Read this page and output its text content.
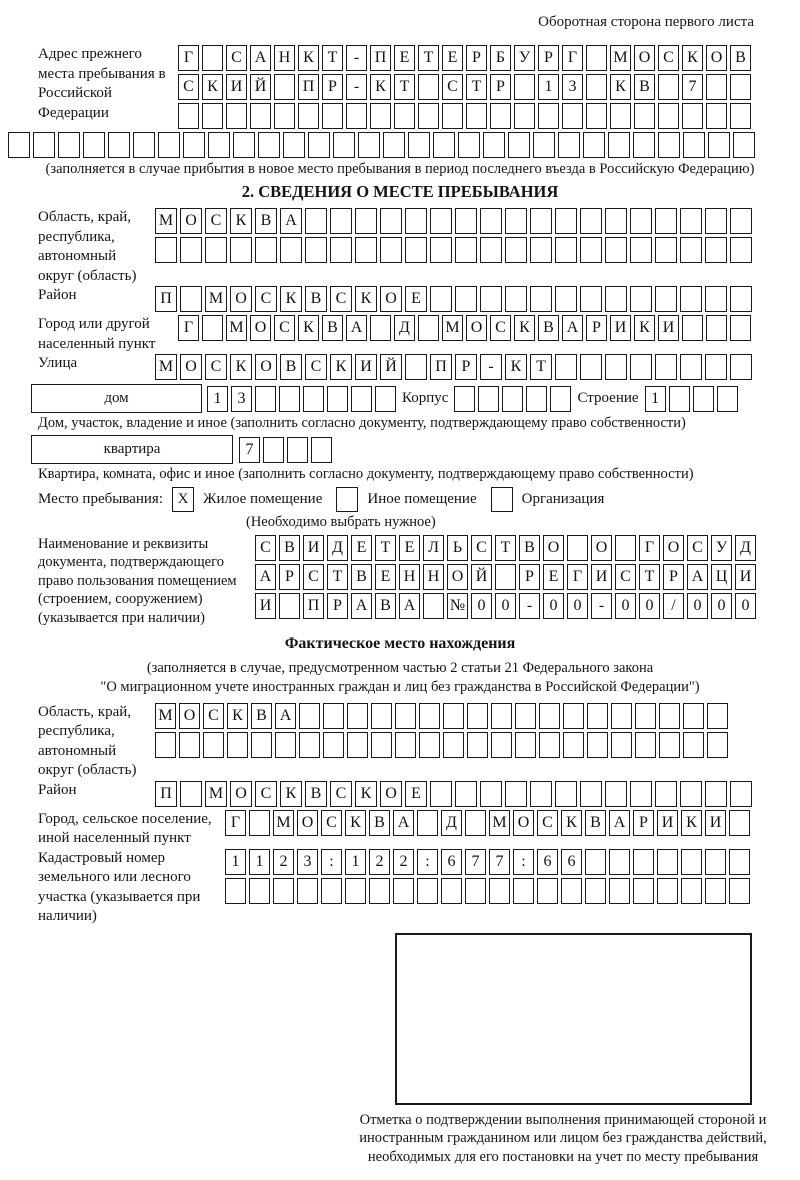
Оборотная сторона первого листа
Адрес прежнего места пребывания в Российской Федерации
Г	С А Н К Т	- П Е Т Е Р Б У Р Г	М О С К О В
С К И Й П Р	-	К Т	С Т Р	1	3	К В	7
(заполняется в случае прибытия в новое место пребывания в период последнего въезда в Российскую Федерацию)
2. СВЕДЕНИЯ О МЕСТЕ ПРЕБЫВАНИЯ
Область, край, республика, автономный округ (область)
М О С К В А
Район	П	М О С К В С К О Е
Город или другой населенный пункт
Г	М О С К В А	Д	М О С К В А Р И К И
Улица	М О С К О В С К И Й	П Р	-	К Т
дом	1	3	Корпус	Строение 1
Дом, участок, владение и иное (заполнить согласно документу, подтверждающему право собственности)
квартира	7
Квартира, комната, офис и иное (заполнить согласно документу, подтверждающему право собственности)
Место пребывания: X Жилое помещение	Иное помещение	Организация
(Необходимо выбрать нужное)
Наименование и реквизиты документа, подтверждающего право пользования помещением (строением, сооружением) (указывается при наличии)
С В И Д Е Т Е Л Ь С Т В О О	Г О С У Д
А Р С Т В Е Н Н О Й	Р Е Г И С Т Р А Ц И
И П Р А В А № 0	0	-	0	0	-	0	0	/	0	0	0
Фактическое место нахождения
(заполняется в случае, предусмотренном частью 2 статьи 21 Федерального закона
"О миграционном учете иностранных граждан и лиц без гражданства в Российской Федерации")
Область, край, республика, автономный округ (область)
М О С К В А
Район	П	М О С К В С К О Е
Город, сельское поселение, иной населенный пункт
Г	М О С К В А	Д	М О С К В А Р И К И
Кадастровый номер земельного или лесного участка (указывается при наличии)
1	1	2	3	:	1	2	2	:	6	7	7	:	6	6
Отметка о подтверждении выполнения принимающей стороной и иностранным гражданином или лицом без гражданства действий, необходимых для его постановки на учет по месту пребывания
